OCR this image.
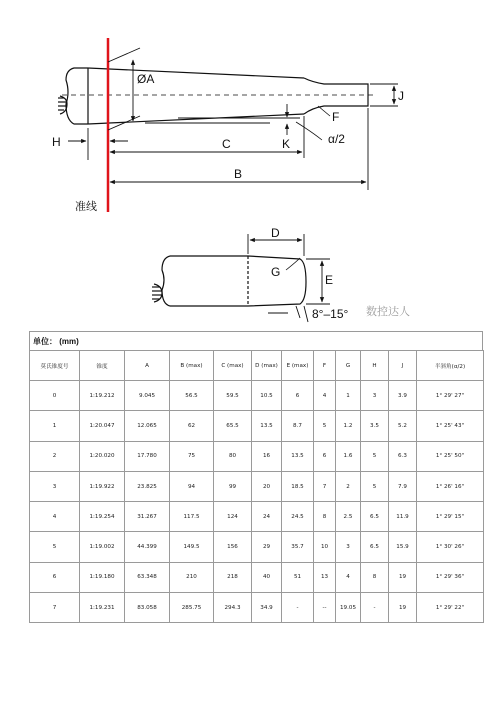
ØA
J
F
K	α/2
H	C
B
准线
D
G
E
8°–15° 数控达人
单位： (mm)
莫氏锥度号	锥度	A	B (max)	C (max)	D (max)	E (max)	F	G	H	J	半斜角(α/2)
0	1:19.212	9.045	56.5	59.5	10.5	6	4	1	3	3.9	1° 29' 27"
1	1:20.047	12.065	62	65.5	13.5	8.7	5	1.2	3.5	5.2	1° 25' 43"
2	1:20.020	17.780	75	80	16	13.5	6	1.6	5	6.3	1° 25' 50"
3	1:19.922	23.825	94	99	20	18.5	7	2	5	7.9	1° 26' 16"
4	1:19.254	31.267	117.5	124	24	24.5	8	2.5	6.5	11.9	1° 29' 15"
5	1:19.002	44.399	149.5	156	29	35.7	10	3	6.5	15.9	1° 30' 26"
6	1:19.180	63.348	210	218	40	51	13	4	8	19	1° 29' 36"
7	1:19.231	83.058	285.75	294.3	34.9	-	--	19.05	-	19	1° 29' 22"
